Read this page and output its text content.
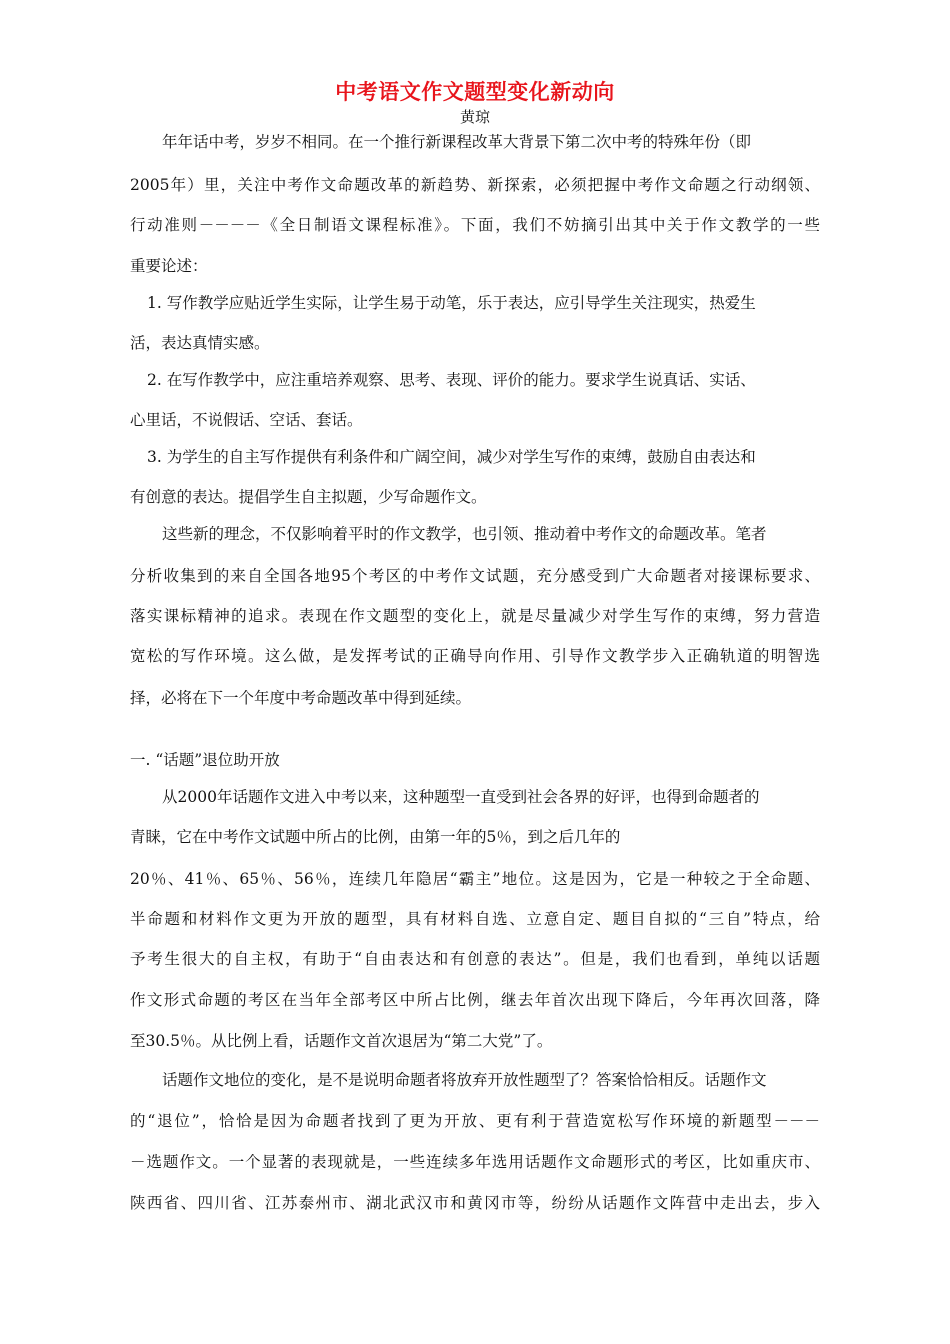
中考语文作文题型变化新动向
黄琼
年年话中考，岁岁不相同。在一个推行新课程改革大背景下第二次中考的特殊年份（即
2005年）里，关注中考作文命题改革的新趋势、新探索，必须把握中考作文命题之行动纲领、
行动准则－－－－《全日制语文课程标准》。下面，我们不妨摘引出其中关于作文教学的一些
重要论述：
1. 写作教学应贴近学生实际，让学生易于动笔，乐于表达，应引导学生关注现实，热爱生
活，表达真情实感。
2. 在写作教学中，应注重培养观察、思考、表现、评价的能力。要求学生说真话、实话、
心里话，不说假话、空话、套话。
3. 为学生的自主写作提供有利条件和广阔空间，减少对学生写作的束缚，鼓励自由表达和
有创意的表达。提倡学生自主拟题，少写命题作文。
这些新的理念，不仅影响着平时的作文教学，也引领、推动着中考作文的命题改革。笔者
分析收集到的来自全国各地95个考区的中考作文试题，充分感受到广大命题者对接课标要求、
落实课标精神的追求。表现在作文题型的变化上，就是尽量减少对学生写作的束缚，努力营造
宽松的写作环境。这么做，是发挥考试的正确导向作用、引导作文教学步入正确轨道的明智选
择，必将在下一个年度中考命题改革中得到延续。
一. “话题”退位助开放
从2000年话题作文进入中考以来，这种题型一直受到社会各界的好评，也得到命题者的
青睐，它在中考作文试题中所占的比例，由第一年的5％，到之后几年的
20％、41％、65％、56％，连续几年隐居“霸主”地位。这是因为，它是一种较之于全命题、
半命题和材料作文更为开放的题型，具有材料自选、立意自定、题目自拟的“三自”特点，给
予考生很大的自主权，有助于“自由表达和有创意的表达”。但是，我们也看到，单纯以话题
作文形式命题的考区在当年全部考区中所占比例，继去年首次出现下降后，今年再次回落，降
至30.5％。从比例上看，话题作文首次退居为“第二大党”了。
话题作文地位的变化，是不是说明命题者将放弃开放性题型了？答案恰恰相反。话题作文
的“退位”，恰恰是因为命题者找到了更为开放、更有利于营造宽松写作环境的新题型－－－
－选题作文。一个显著的表现就是，一些连续多年选用话题作文命题形式的考区，比如重庆市、
陕西省、四川省、江苏泰州市、湖北武汉市和黄冈市等，纷纷从话题作文阵营中走出去，步入
